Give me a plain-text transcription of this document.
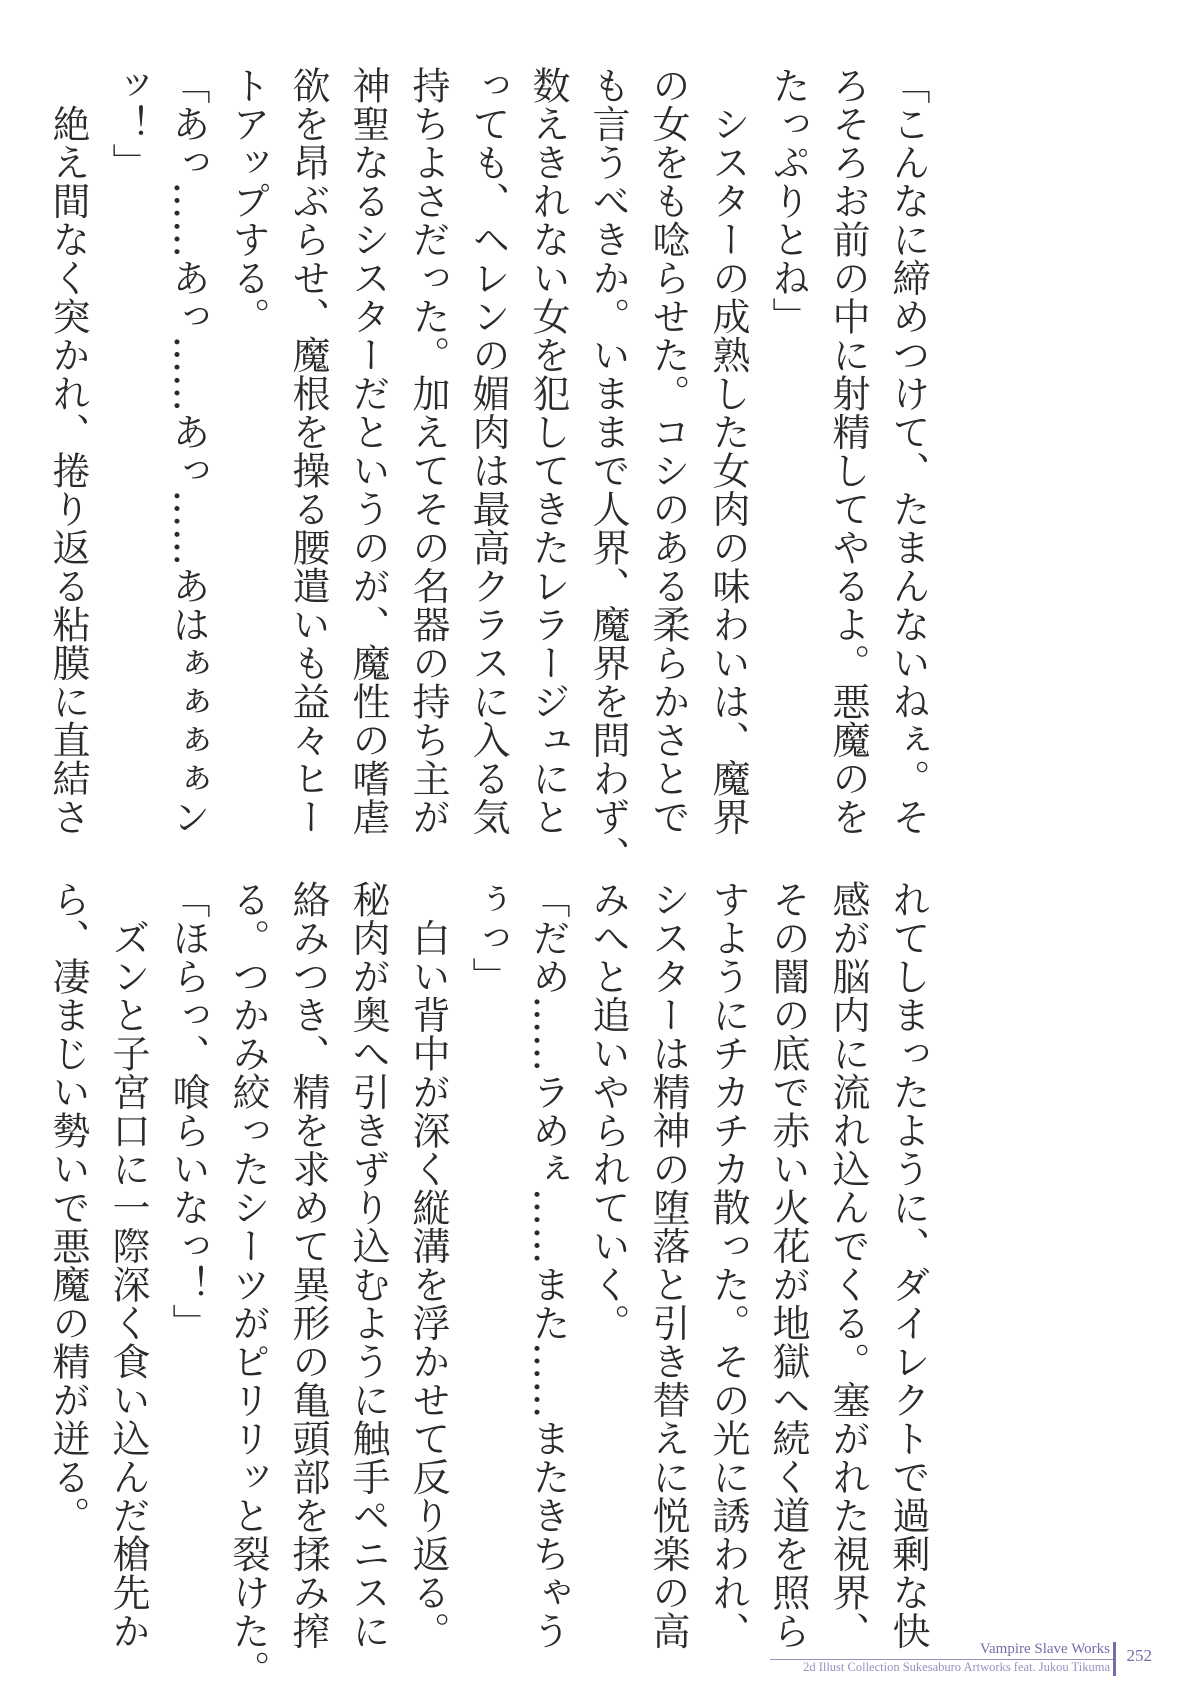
「こんなに締めつけて、たまんないねぇ。そ
ろそろお前の中に射精してやるよ。悪魔のを
たっぷりとね」
　シスターの成熟した女肉の味わいは、魔界
の女をも唸らせた。コシのある柔らかさとで
も言うべきか。いままで人界、魔界を問わず、
数えきれない女を犯してきたレラージュにと
っても、ヘレンの媚肉は最高クラスに入る気
持ちよさだった。加えてその名器の持ち主が
神聖なるシスターだというのが、魔性の嗜虐
欲を昂ぶらせ、魔根を操る腰遣いも益々ヒー
トアップする。
「あっ……あっ……あっ……あはぁぁぁぁン
ッ！」
　絶え間なく突かれ、捲り返る粘膜に直結さ
れてしまったように、ダイレクトで過剰な快
感が脳内に流れ込んでくる。塞がれた視界、
その闇の底で赤い火花が地獄へ続く道を照ら
すようにチカチカ散った。その光に誘われ、
シスターは精神の堕落と引き替えに悦楽の高
みへと追いやられていく。
「だめ……ラめぇ……また……またきちゃう
ぅっ」
　白い背中が深く縦溝を浮かせて反り返る。
秘肉が奥へ引きずり込むように触手ペニスに
絡みつき、精を求めて異形の亀頭部を揉み搾
る。つかみ絞ったシーツがピリリッと裂けた。
「ほらっ、喰らいなっ！」
　ズンと子宮口に一際深く食い込んだ槍先か
ら、凄まじい勢いで悪魔の精が迸る。
Vampire Slave Works
2d Illust Collection Sukesaburo Artworks feat. Jukou Tikuma
252
